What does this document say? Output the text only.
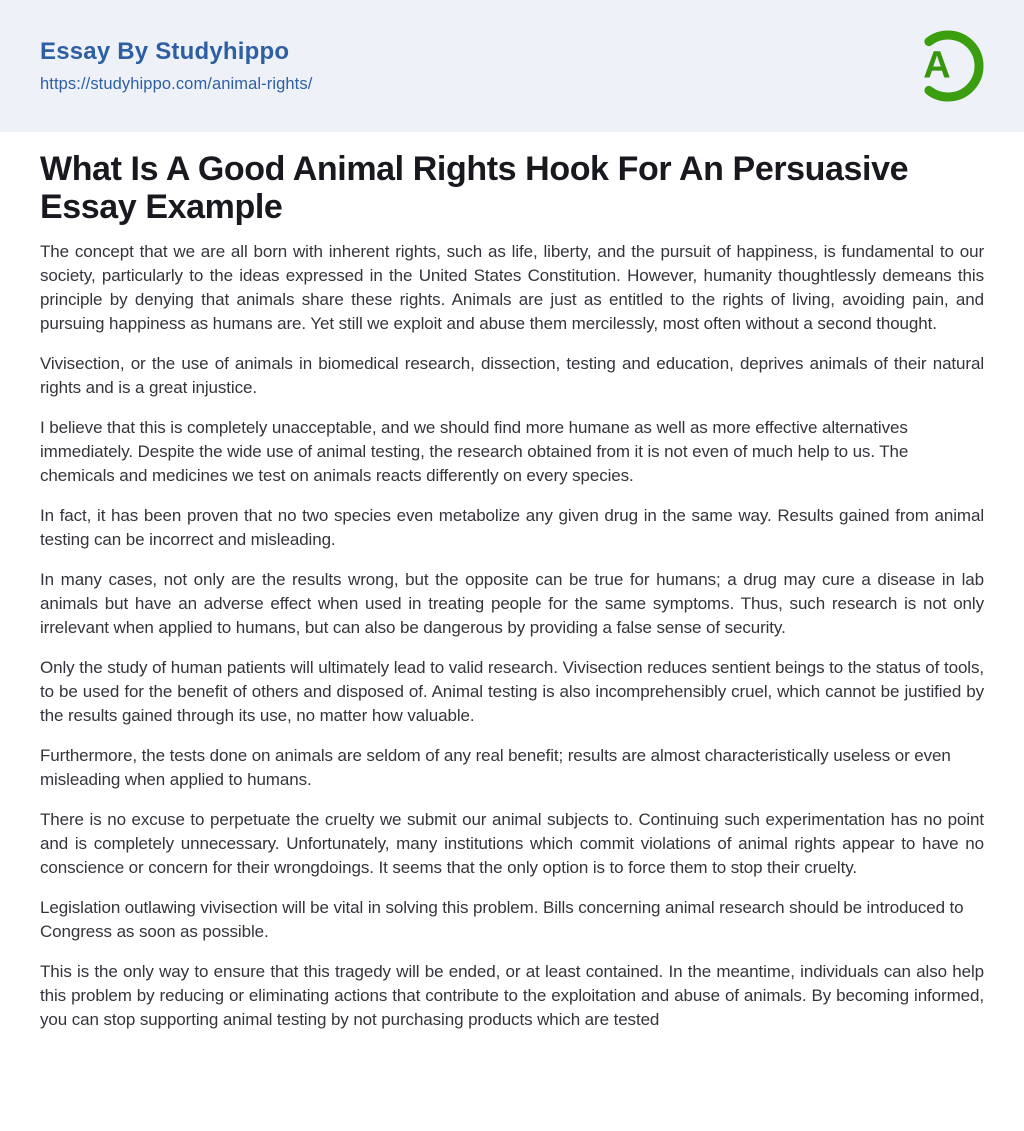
Essay By Studyhippo
https://studyhippo.com/animal-rights/	A
What Is A Good Animal Rights Hook For An Persuasive Essay Example

The concept that we are all born with inherent rights, such as life, liberty, and the pursuit of happiness, is fundamental to our society, particularly to the ideas expressed in the United States Constitution. However, humanity thoughtlessly demeans this principle by denying that animals share these rights. Animals are just as entitled to the rights of living, avoiding pain, and pursuing happiness as humans are. Yet still we exploit and abuse them mercilessly, most often without a second thought.

Vivisection, or the use of animals in biomedical research, dissection, testing and education, deprives animals of their natural rights and is a great injustice.

I believe that this is completely unacceptable, and we should find more humane as well as more effective alternatives immediately. Despite the wide use of animal testing, the research obtained from it is not even of much help to us. The chemicals and medicines we test on animals reacts differently on every species.

In fact, it has been proven that no two species even metabolize any given drug in the same way. Results gained from animal testing can be incorrect and misleading.

In many cases, not only are the results wrong, but the opposite can be true for humans; a drug may cure a disease in lab animals but have an adverse effect when used in treating people for the same symptoms. Thus, such research is not only irrelevant when applied to humans, but can also be dangerous by providing a false sense of security.

Only the study of human patients will ultimately lead to valid research. Vivisection reduces sentient beings to the status of tools, to be used for the benefit of others and disposed of. Animal testing is also incomprehensibly cruel, which cannot be justified by the results gained through its use, no matter how valuable.

Furthermore, the tests done on animals are seldom of any real benefit; results are almost characteristically useless or even misleading when applied to humans.

There is no excuse to perpetuate the cruelty we submit our animal subjects to. Continuing such experimentation has no point and is completely unnecessary. Unfortunately, many institutions which commit violations of animal rights appear to have no conscience or concern for their wrongdoings. It seems that the only option is to force them to stop their cruelty.

Legislation outlawing vivisection will be vital in solving this problem. Bills concerning animal research should be introduced to Congress as soon as possible.

This is the only way to ensure that this tragedy will be ended, or at least contained. In the meantime, individuals can also help this problem by reducing or eliminating actions that contribute to the exploitation and abuse of animals. By becoming informed, you can stop supporting animal testing by not purchasing products which are tested
